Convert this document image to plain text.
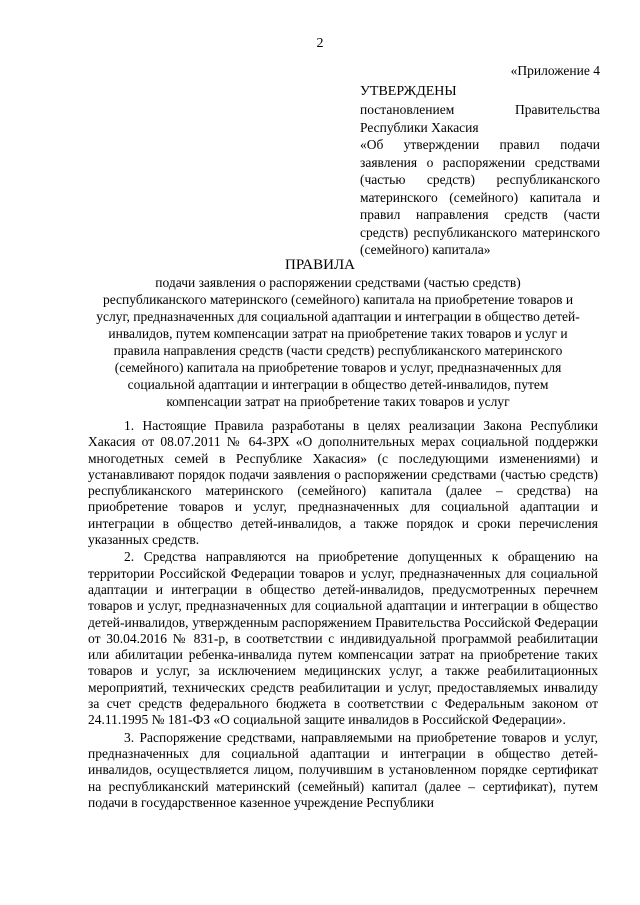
2
«Приложение 4
УТВЕРЖДЕНЫ
постановлением	Правительства
Республики Хакасия
«Об утверждении правил подачи заявления о распоряжении средствами (частью средств) республиканского материнского (семейного) капитала и правил направления средств (части средств) республиканского материнского (семейного) капитала»
ПРАВИЛА
подачи заявления о распоряжении средствами (частью средств)
республиканского материнского (семейного) капитала на приобретение товаров и
услуг, предназначенных для социальной адаптации и интеграции в общество детей-
инвалидов, путем компенсации затрат на приобретение таких товаров и услуг и
правила направления средств (части средств) республиканского материнского
(семейного) капитала на приобретение товаров и услуг, предназначенных для
социальной адаптации и интеграции в общество детей-инвалидов, путем
компенсации затрат на приобретение таких товаров и услуг

1. Настоящие Правила разработаны в целях реализации Закона Республики Хакасия от 08.07.2011 № 64-ЗРХ «О дополнительных мерах социальной поддержки многодетных семей в Республике Хакасия» (с последующими изменениями) и устанавливают порядок подачи заявления о распоряжении средствами (частью средств) республиканского материнского (семейного) капитала (далее – средства) на приобретение товаров и услуг, предназначенных для социальной адаптации и интеграции в общество детей-инвалидов, а также порядок и сроки перечисления указанных средств.

2. Средства направляются на приобретение допущенных к обращению на территории Российской Федерации товаров и услуг, предназначенных для социальной адаптации и интеграции в общество детей-инвалидов, предусмотренных перечнем товаров и услуг, предназначенных для социальной адаптации и интеграции в общество детей-инвалидов, утвержденным распоряжением Правительства Российской Федерации от 30.04.2016 № 831-р, в соответствии с индивидуальной программой реабилитации или абилитации ребенка-инвалида путем компенсации затрат на приобретение таких товаров и услуг, за исключением медицинских услуг, а также реабилитационных мероприятий, технических средств реабилитации и услуг, предоставляемых инвалиду за счет средств федерального бюджета в соответствии с Федеральным законом от 24.11.1995 № 181-ФЗ «О социальной защите инвалидов в Российской Федерации».

3. Распоряжение средствами, направляемыми на приобретение товаров и услуг, предназначенных для социальной адаптации и интеграции в общество детей-инвалидов, осуществляется лицом, получившим в установленном порядке сертификат на республиканский материнский (семейный) капитал (далее – сертификат), путем подачи в государственное казенное учреждение Республики
